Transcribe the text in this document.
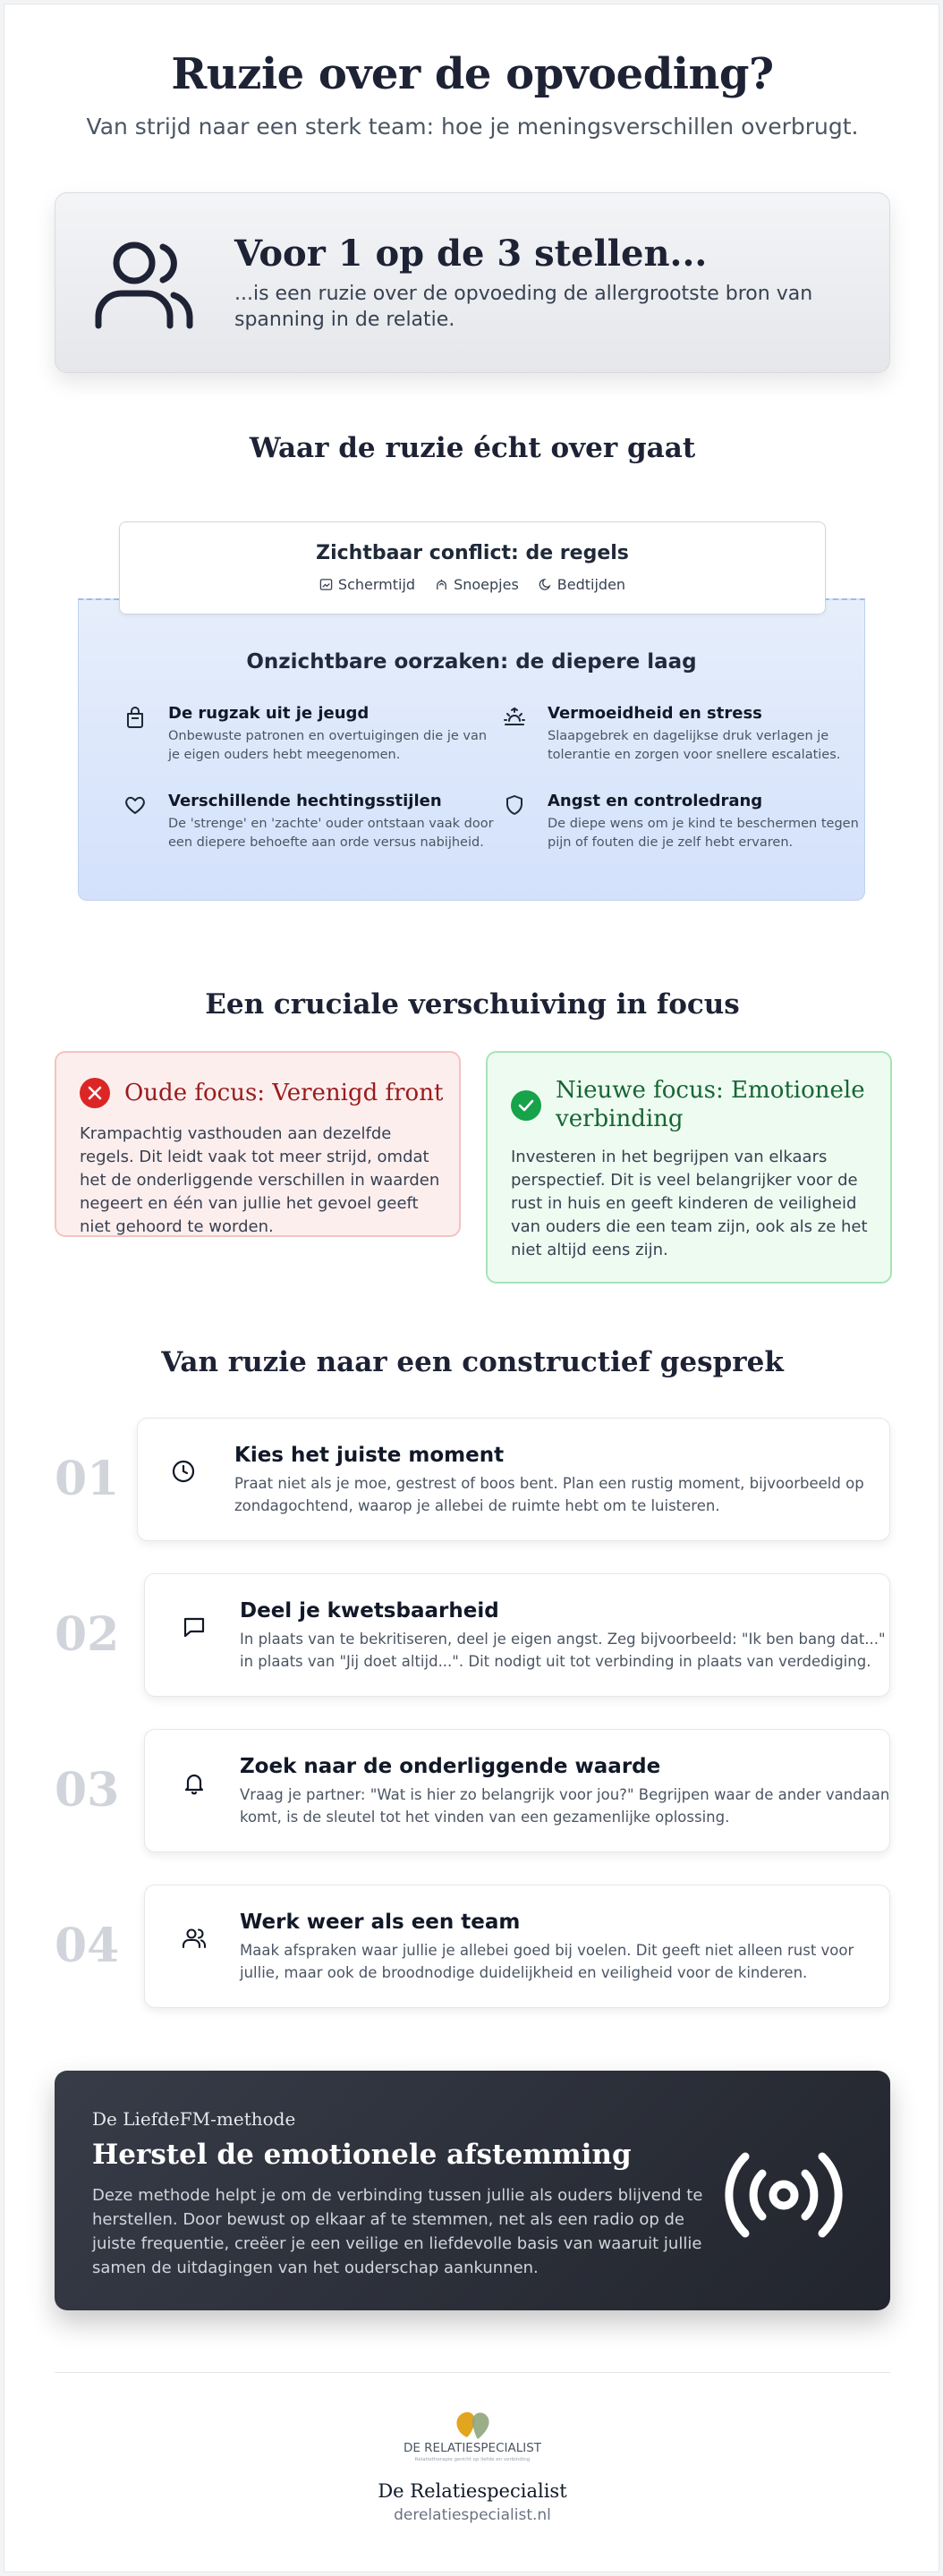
Ruzie over de opvoeding?
Van strijd naar een sterk team: hoe je meningsverschillen overbrugt.
Voor 1 op de 3 stellen...
...is een ruzie over de opvoeding de allergrootste bron van spanning in de relatie.
Waar de ruzie écht over gaat
Zichtbaar conflict: de regels
Schermtijd	Snoepjes	Bedtijden
Onzichtbare oorzaken: de diepere laag
De rugzak uit je jeugd
Onbewuste patronen en overtuigingen die je van je eigen ouders hebt meegenomen.
Vermoeidheid en stress
Slaapgebrek en dagelijkse druk verlagen je tolerantie en zorgen voor snellere escalaties.
Verschillende hechtingsstijlen
De 'strenge' en 'zachte' ouder ontstaan vaak door een diepere behoefte aan orde versus nabijheid.
Angst en controledrang
De diepe wens om je kind te beschermen tegen pijn of fouten die je zelf hebt ervaren.
Een cruciale verschuiving in focus
Oude focus: Verenigd front
Krampachtig vasthouden aan dezelfde regels. Dit leidt vaak tot meer strijd, omdat het de onderliggende verschillen in waarden negeert en één van jullie het gevoel geeft niet gehoord te worden.
Nieuwe focus: Emotionele verbinding
Investeren in het begrijpen van elkaars perspectief. Dit is veel belangrijker voor de rust in huis en geeft kinderen de veiligheid van ouders die een team zijn, ook als ze het niet altijd eens zijn.
Van ruzie naar een constructief gesprek
01	Kies het juiste moment
Praat niet als je moe, gestrest of boos bent. Plan een rustig moment, bijvoorbeeld op zondagochtend, waarop je allebei de ruimte hebt om te luisteren.
02	Deel je kwetsbaarheid
In plaats van te bekritiseren, deel je eigen angst. Zeg bijvoorbeeld: "Ik ben bang dat..." in plaats van "Jij doet altijd...". Dit nodigt uit tot verbinding in plaats van verdediging.
03	Zoek naar de onderliggende waarde
Vraag je partner: "Wat is hier zo belangrijk voor jou?" Begrijpen waar de ander vandaan komt, is de sleutel tot het vinden van een gezamenlijke oplossing.
04	Werk weer als een team
Maak afspraken waar jullie je allebei goed bij voelen. Dit geeft niet alleen rust voor jullie, maar ook de broodnodige duidelijkheid en veiligheid voor de kinderen.
De LiefdeFM-methode
Herstel de emotionele afstemming
Deze methode helpt je om de verbinding tussen jullie als ouders blijvend te herstellen. Door bewust op elkaar af te stemmen, net als een radio op de juiste frequentie, creëer je een veilige en liefdevolle basis van waaruit jullie samen de uitdagingen van het ouderschap aankunnen.
DE RELATIESPECIALIST
Relatietherapie gericht op liefde en verbinding
De Relatiespecialist
derelatiespecialist.nl
